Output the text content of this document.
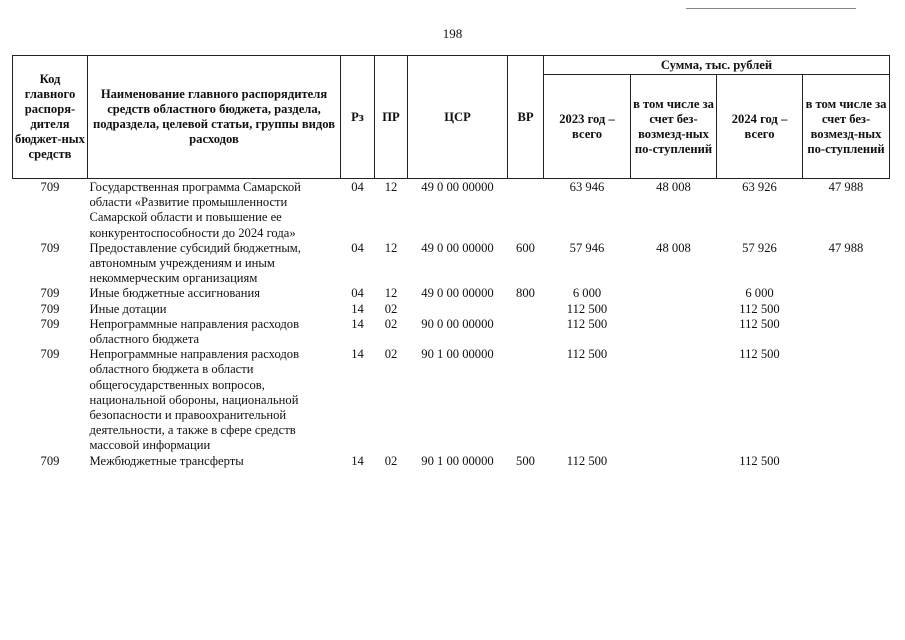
198
Код главного распоря-дителя бюджет-ных средств	Наименование главного распорядителя средств областного бюджета, раздела, подраздела, целевой статьи, группы видов расходов	Рз	ПР	ЦСР	ВР	Сумма, тыс. рублей			
						2023 год – всего	в том числе за счет без-возмезд-ных по-ступлений	2024 год – всего	в том числе за счет без-возмезд-ных по-ступлений
709	Государственная программа Самарской области «Развитие промышленности Самарской области и повышение ее конкурентоспособности до 2024 года»	04	12	49 0 00 00000		63 946	48 008	63 926	47 988
709	Предоставление субсидий бюджетным, автономным учреждениям и иным некоммерческим организациям	04	12	49 0 00 00000	600	57 946	48 008	57 926	47 988
709	Иные бюджетные ассигнования	04	12	49 0 00 00000	800	6 000		6 000	
709	Иные дотации	14	02			112 500		112 500	
709	Непрограммные направления расходов областного бюджета	14	02	90 0 00 00000		112 500		112 500	
709	Непрограммные направления расходов областного бюджета в области общегосударственных вопросов, национальной обороны, национальной безопасности и правоохранительной деятельности, а также в сфере средств массовой информации	14	02	90 1 00 00000		112 500		112 500	
709	Межбюджетные трансферты	14	02	90 1 00 00000	500	112 500		112 500	
